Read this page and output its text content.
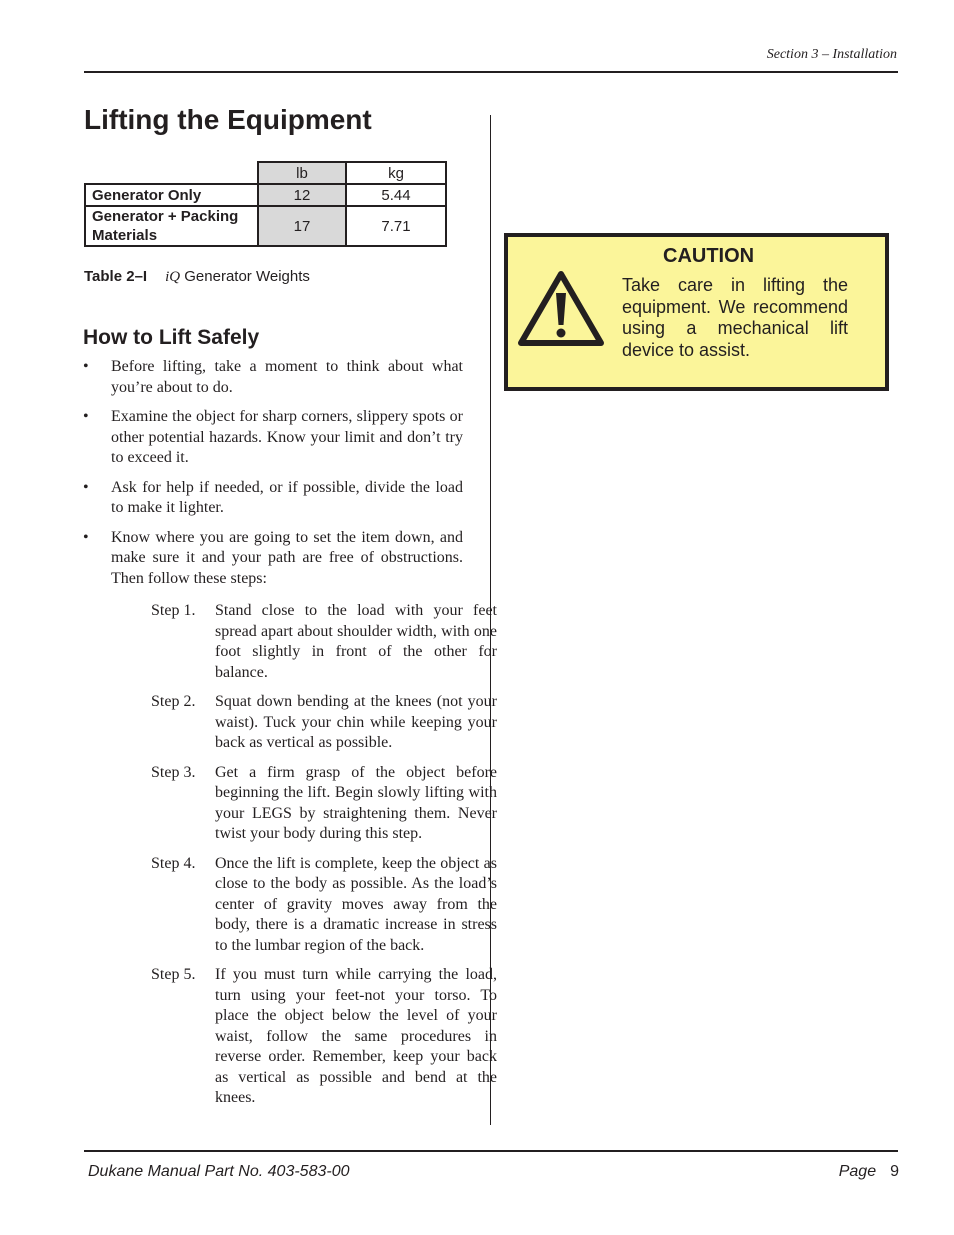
Section 3 – Installation
Lifting the Equipment
	lb	kg
Generator Only	12	5.44
Generator + Packing Materials	17	7.71
Table 2–I iQ Generator Weights
How to Lift Safely
• Before lifting, take a moment to think about what you’re about to do.
• Examine the object for sharp corners, slippery spots or other potential hazards. Know your limit and don’t try to exceed it.
• Ask for help if needed, or if possible, divide the load to make it lighter.
• Know where you are going to set the item down, and make sure it and your path are free of obstructions. Then follow these steps:
Step 1.	Stand close to the load with your feet spread apart about shoulder width, with one foot slightly in front of the other for balance.
Step 2.	Squat down bending at the knees (not your waist). Tuck your chin while keeping your back as vertical as possible.
Step 3.	Get a firm grasp of the object before beginning the lift. Begin slowly lifting with your LEGS by straightening them. Never twist your body during this step.
Step 4.	Once the lift is complete, keep the object as close to the body as possible. As the load’s center of gravity moves away from the body, there is a dramatic increase in stress to the lumbar region of the back.
Step 5.	If you must turn while carrying the load, turn using your feet-not your torso. To place the object below the level of your waist, follow the same procedures in reverse order. Remember, keep your back as vertical as possible and bend at the knees.
CAUTION
Take care in lifting the equipment. We recommend using a mechanical lift device to assist.
Dukane Manual Part No. 403-583-00	Page 9
